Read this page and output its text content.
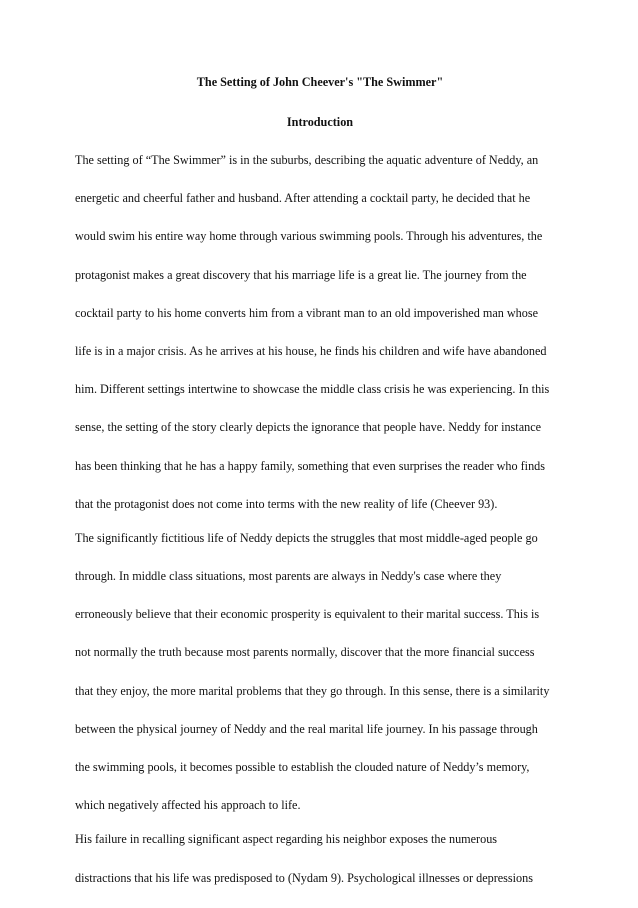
The Setting of John Cheever's "The Swimmer"
Introduction
The setting of “The Swimmer” is in the suburbs, describing the aquatic adventure of Neddy, an
energetic and cheerful father and husband. After attending a cocktail party, he decided that he
would swim his entire way home through various swimming pools. Through his adventures, the
protagonist makes a great discovery that his marriage life is a great lie. The journey from the
cocktail party to his home converts him from a vibrant man to an old impoverished man whose
life is in a major crisis. As he arrives at his house, he finds his children and wife have abandoned
him. Different settings intertwine to showcase the middle class crisis he was experiencing. In this
sense, the setting of the story clearly depicts the ignorance that people have. Neddy for instance
has been thinking that he has a happy family, something that even surprises the reader who finds
that the protagonist does not come into terms with the new reality of life (Cheever 93).
The significantly fictitious life of Neddy depicts the struggles that most middle-aged people go
through. In middle class situations, most parents are always in Neddy's case where they
erroneously believe that their economic prosperity is equivalent to their marital success. This is
not normally the truth because most parents normally, discover that the more financial success
that they enjoy, the more marital problems that they go through. In this sense, there is a similarity
between the physical journey of Neddy and the real marital life journey. In his passage through
the swimming pools, it becomes possible to establish the clouded nature of Neddy’s memory,
which negatively affected his approach to life.
His failure in recalling significant aspect regarding his neighbor exposes the numerous
distractions that his life was predisposed to (Nydam 9). Psychological illnesses or depressions
